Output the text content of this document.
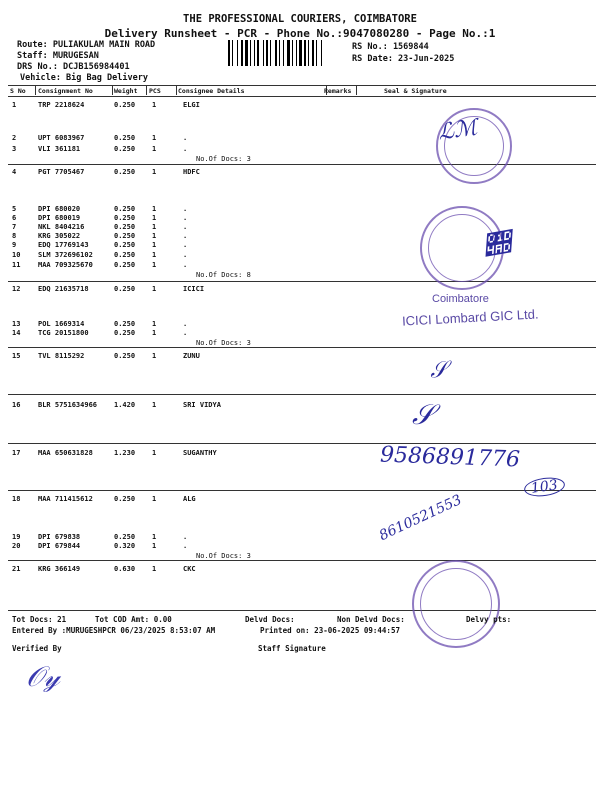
THE PROFESSIONAL COURIERS, COIMBATORE
Delivery Runsheet - PCR - Phone No.:9047080280 - Page No.:1
Route: PULIAKULAM MAIN ROAD
Staff: MURUGESAN
DRS No.: DCJB156984401
Vehicle: Big Bag Delivery
RS No.: 1569844
RS Date: 23-Jun-2025
S No Consignment No	Weight PCS	Consignee Details	Remarks	Seal & Signature
1	TRP 2218624	0.250 1	ELGI
2	UPT 6083967	0.250 1	.
3	VLI 361181	0.250 1	.
4	PGT 7705467	0.250 1	HDFC
5	DPI 680020	0.250 1	.
6	DPI 680019	0.250 1	.
7	NKL 8404216	0.250 1	.
8	KRG 305022	0.250 1	.
9	EDQ 17769143	0.250 1	.
10	SLM 372696102	0.250 1	.
11	MAA 709325670	0.250 1	.
12	EDQ 21635718	0.250 1	ICICI
13	POL 1669314	0.250 1	.
14	TCG 20151800	0.250 1	.
15	TVL 8115292	0.250 1	ZUNU
16	BLR 5751634966 1.420 1	SRI VIDYA
17	MAA 650631828	1.230 1	SUGANTHY
18	MAA 711415612	0.250 1	ALG
19	DPI 679838	0.250 1	.
20	DPI 679844	0.320 1	.
21	KRG 366149	0.630 1	CKC
No.Of Docs: 3
No.Of Docs: 8
No.Of Docs: 3
No.Of Docs: 3
ℒℳ
𝒭
Coimbatore
ICICI Lombard GIC Ltd.
𝒮
𝒮
9586891776
103
8610521553
Tot Docs: 21	Tot COD Amt: 0.00	Delvd Docs:	Non Delvd Docs:	Delvy pts:
Entered By :MURUGESHPCR 06/23/2025 8:53:07 AM	Printed on: 23-06-2025 09:44:57
Verified By	Staff Signature
𝒪𝓎
